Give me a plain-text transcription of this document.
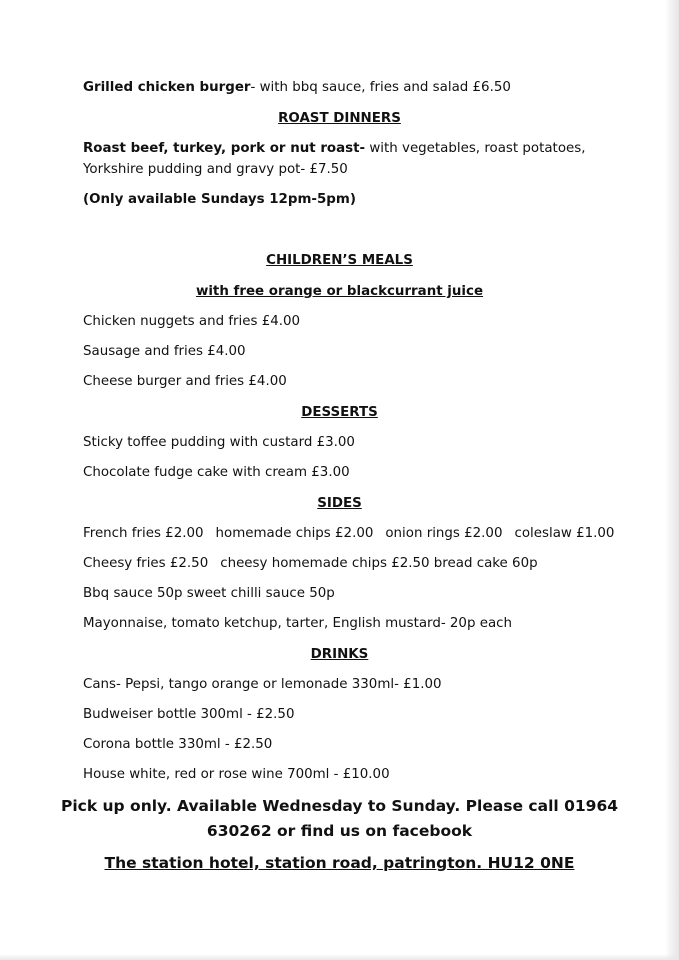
Grilled chicken burger- with bbq sauce, fries and salad £6.50
ROAST DINNERS
Roast beef, turkey, pork or nut roast- with vegetables, roast potatoes,
Yorkshire pudding and gravy pot- £7.50
(Only available Sundays 12pm-5pm)
CHILDREN’S MEALS
with free orange or blackcurrant juice
Chicken nuggets and fries £4.00
Sausage and fries £4.00
Cheese burger and fries £4.00
DESSERTS
Sticky toffee pudding with custard £3.00
Chocolate fudge cake with cream £3.00
SIDES
French fries £2.00 homemade chips £2.00 onion rings £2.00 coleslaw £1.00
Cheesy fries £2.50 cheesy homemade chips £2.50 bread cake 60p
Bbq sauce 50p sweet chilli sauce 50p
Mayonnaise, tomato ketchup, tarter, English mustard- 20p each
DRINKS
Cans- Pepsi, tango orange or lemonade 330ml- £1.00
Budweiser bottle 300ml - £2.50
Corona bottle 330ml - £2.50
House white, red or rose wine 700ml - £10.00
Pick up only. Available Wednesday to Sunday. Please call 01964
630262 or find us on facebook
The station hotel, station road, patrington. HU12 0NE
